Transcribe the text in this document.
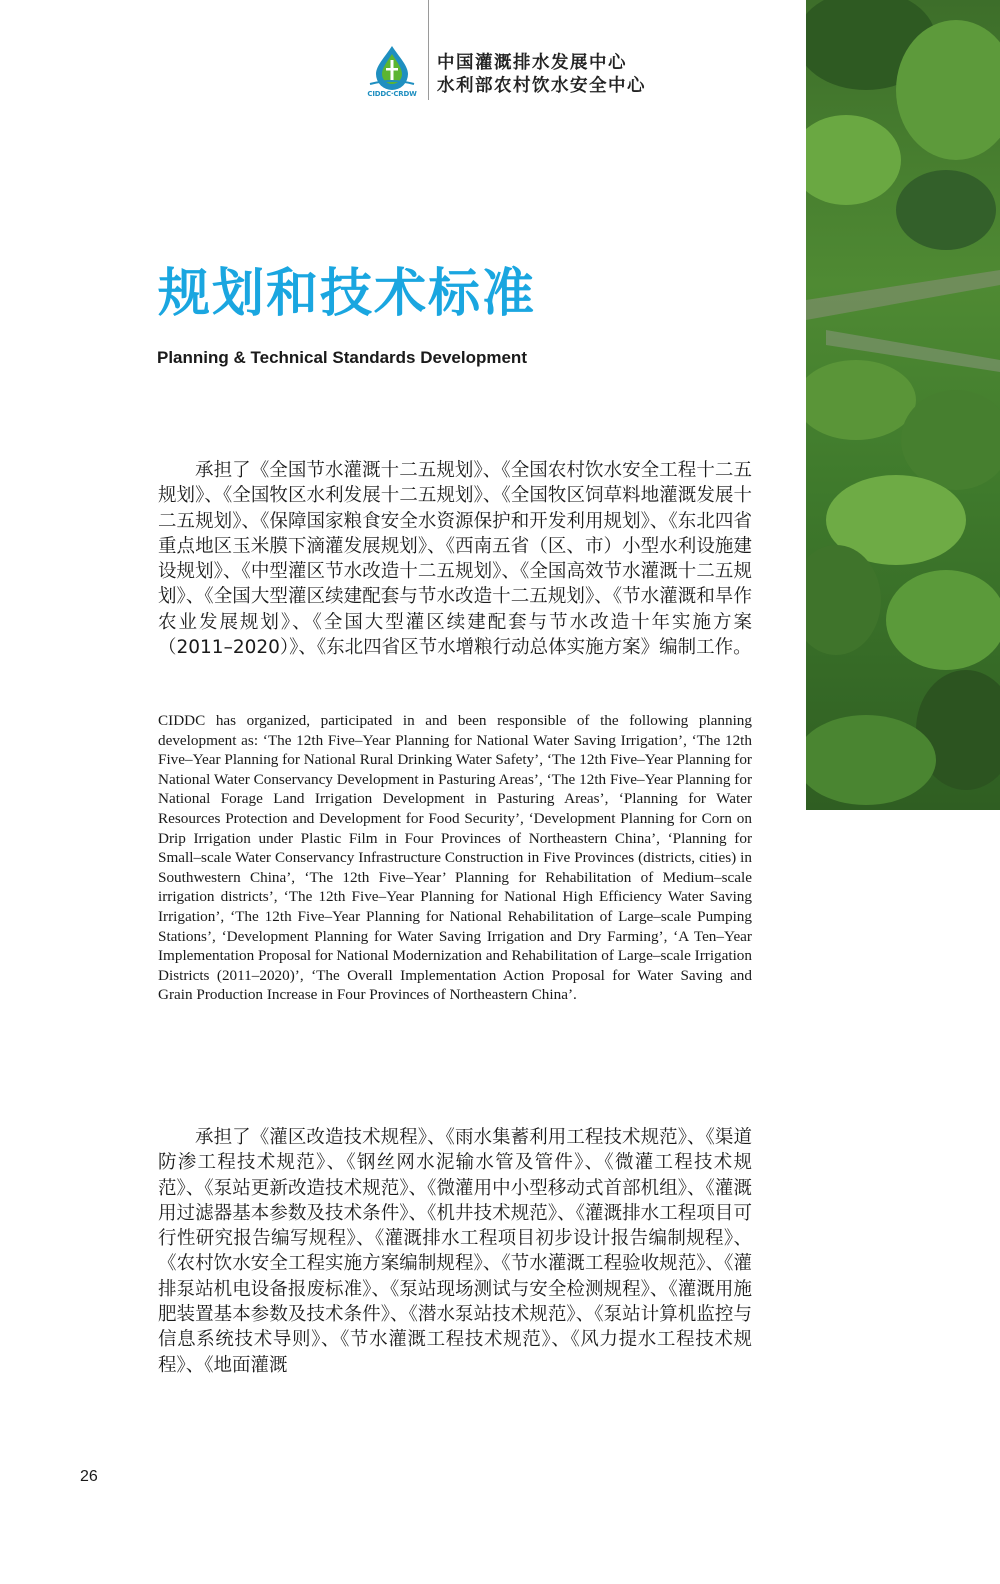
CIDDC·CRDW
中国灌溉排水发展中心
水利部农村饮水安全中心
规划和技术标准
Planning & Technical Standards Development
承担了《全国节水灌溉十二五规划》、《全国农村饮水安全工程十二五规划》、《全国牧区水利发展十二五规划》、《全国牧区饲草料地灌溉发展十二五规划》、《保障国家粮食安全水资源保护和开发利用规划》、《东北四省重点地区玉米膜下滴灌发展规划》、《西南五省（区、市）小型水利设施建设规划》、《中型灌区节水改造十二五规划》、《全国高效节水灌溉十二五规划》、《全国大型灌区续建配套与节水改造十二五规划》、《节水灌溉和旱作农业发展规划》、《全国大型灌区续建配套与节水改造十年实施方案（2011–2020）》、《东北四省区节水增粮行动总体实施方案》编制工作。
CIDDC has organized, participated in and been responsible of the following planning development as: ‘The 12th Five–Year Planning for National Water Saving Irrigation’, ‘The 12th Five–Year Planning for National Rural Drinking Water Safety’, ‘The 12th Five–Year Planning for National Water Conservancy Development in Pasturing Areas’, ‘The 12th Five–Year Planning for National Forage Land Irrigation Development in Pasturing Areas’, ‘Planning for Water Resources Protection and Development for Food Security’, ‘Development Planning for Corn on Drip Irrigation under Plastic Film in Four Provinces of Northeastern China’, ‘Planning for Small–scale Water Conservancy Infrastructure Construction in Five Provinces (districts, cities) in Southwestern China’, ‘The 12th Five–Year’ Planning for Rehabilitation of Medium–scale irrigation districts’, ‘The 12th Five–Year Planning for National High Efficiency Water Saving Irrigation’, ‘The 12th Five–Year Planning for National Rehabilitation of Large–scale Pumping Stations’, ‘Development Planning for Water Saving Irrigation and Dry Farming’, ‘A Ten–Year Implementation Proposal for National Modernization and Rehabilitation of Large–scale Irrigation Districts (2011–2020)’, ‘The Overall Implementation Action Proposal for Water Saving and Grain Production Increase in Four Provinces of Northeastern China’.
承担了《灌区改造技术规程》、《雨水集蓄利用工程技术规范》、《渠道防渗工程技术规范》、《钢丝网水泥输水管及管件》、《微灌工程技术规范》、《泵站更新改造技术规范》、《微灌用中小型移动式首部机组》、《灌溉用过滤器基本参数及技术条件》、《机井技术规范》、《灌溉排水工程项目可行性研究报告编写规程》、《灌溉排水工程项目初步设计报告编制规程》、《农村饮水安全工程实施方案编制规程》、《节水灌溉工程验收规范》、《灌排泵站机电设备报废标准》、《泵站现场测试与安全检测规程》、《灌溉用施肥装置基本参数及技术条件》、《潜水泵站技术规范》、《泵站计算机监控与信息系统技术导则》、《节水灌溉工程技术规范》、《风力提水工程技术规程》、《地面灌溉
26
